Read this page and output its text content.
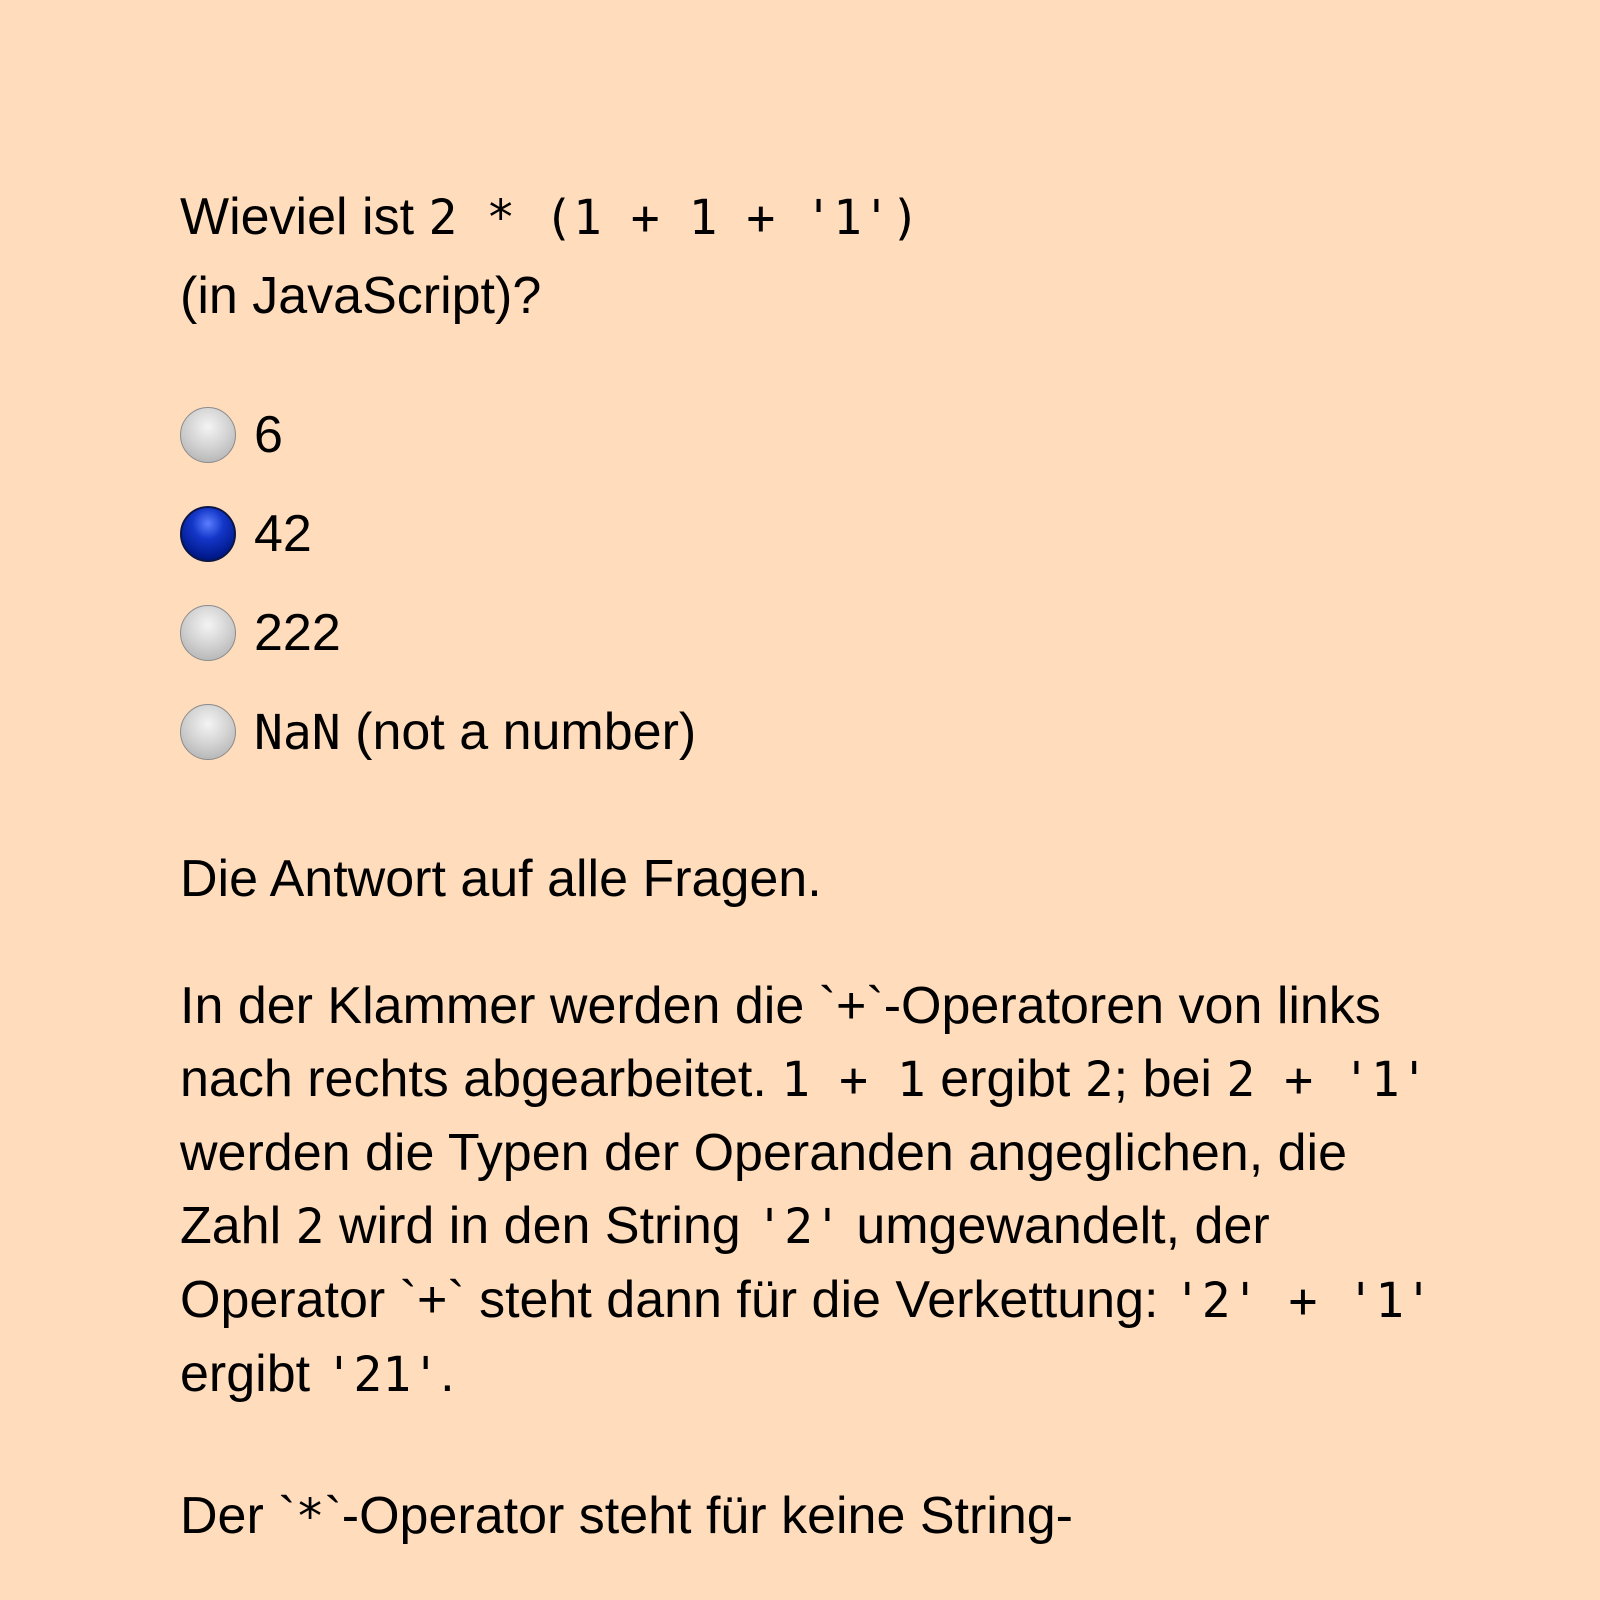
Wieviel ist 2 * (1 + 1 + '1')
(in JavaScript)?

6
42
222
NaN (not a number)
Die Antwort auf alle Fragen.
In der Klammer werden die `+`-Operatoren von links nach rechts abgearbeitet. 1 + 1 ergibt 2; bei 2 + '1' werden die Typen der Operanden angeglichen, die Zahl 2 wird in den String '2' umgewandelt, der Operator `+` steht dann für die Verkettung: '2' + '1' ergibt '21'.
Der `*`-Operator steht für keine String-
